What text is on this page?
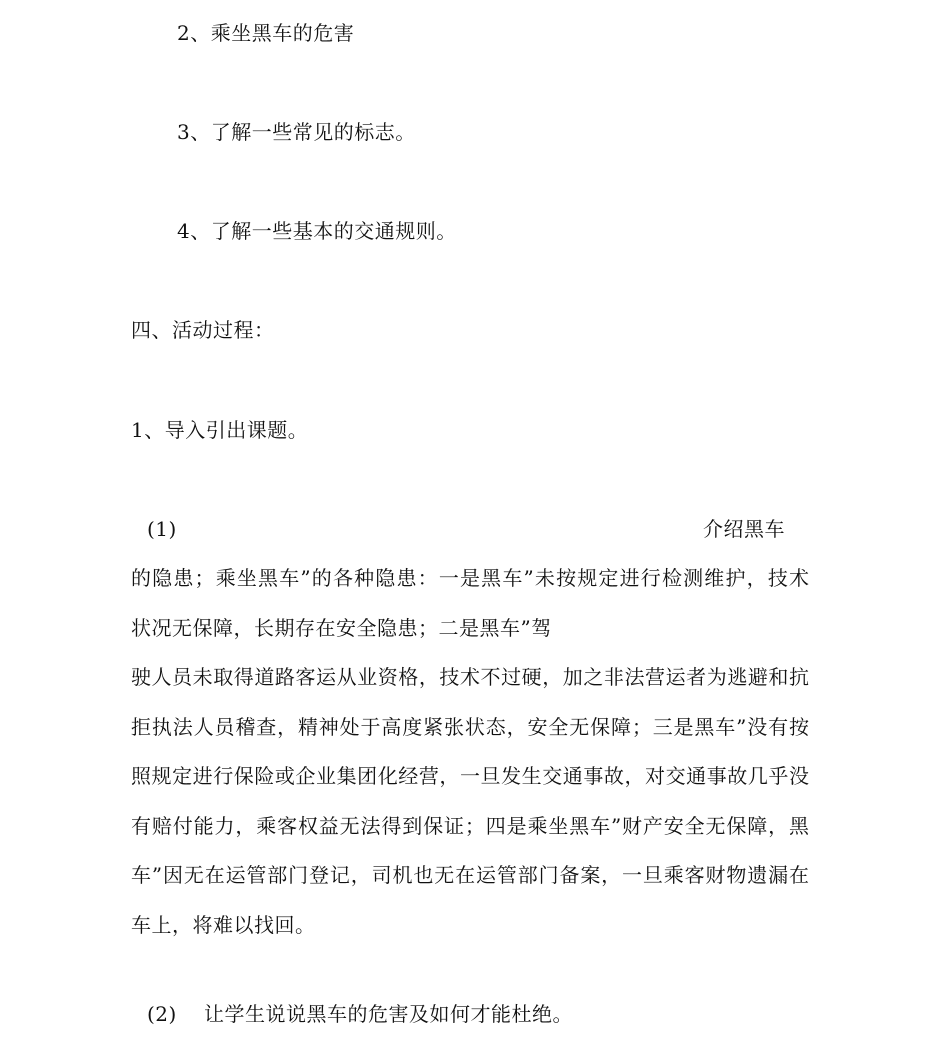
2、乘坐黑车的危害
3、了解一些常见的标志。
4、了解一些基本的交通规则。
四、活动过程：
1、导入引出课题。
(1)	介绍黑车
的隐患；乘坐黑车”的各种隐患：一是黑车”未按规定进行检测维护，技术
状况无保障，长期存在安全隐患；二是黑车”驾
驶人员未取得道路客运从业资格，技术不过硬，加之非法营运者为逃避和抗
拒执法人员稽查，精神处于高度紧张状态，安全无保障；三是黑车”没有按
照规定进行保险或企业集团化经营，一旦发生交通事故，对交通事故几乎没
有赔付能力，乘客权益无法得到保证；四是乘坐黑车”财产安全无保障，黑
车”因无在运管部门登记，司机也无在运管部门备案，一旦乘客财物遗漏在
车上，将难以找回。
(2) 让学生说说黑车的危害及如何才能杜绝。
